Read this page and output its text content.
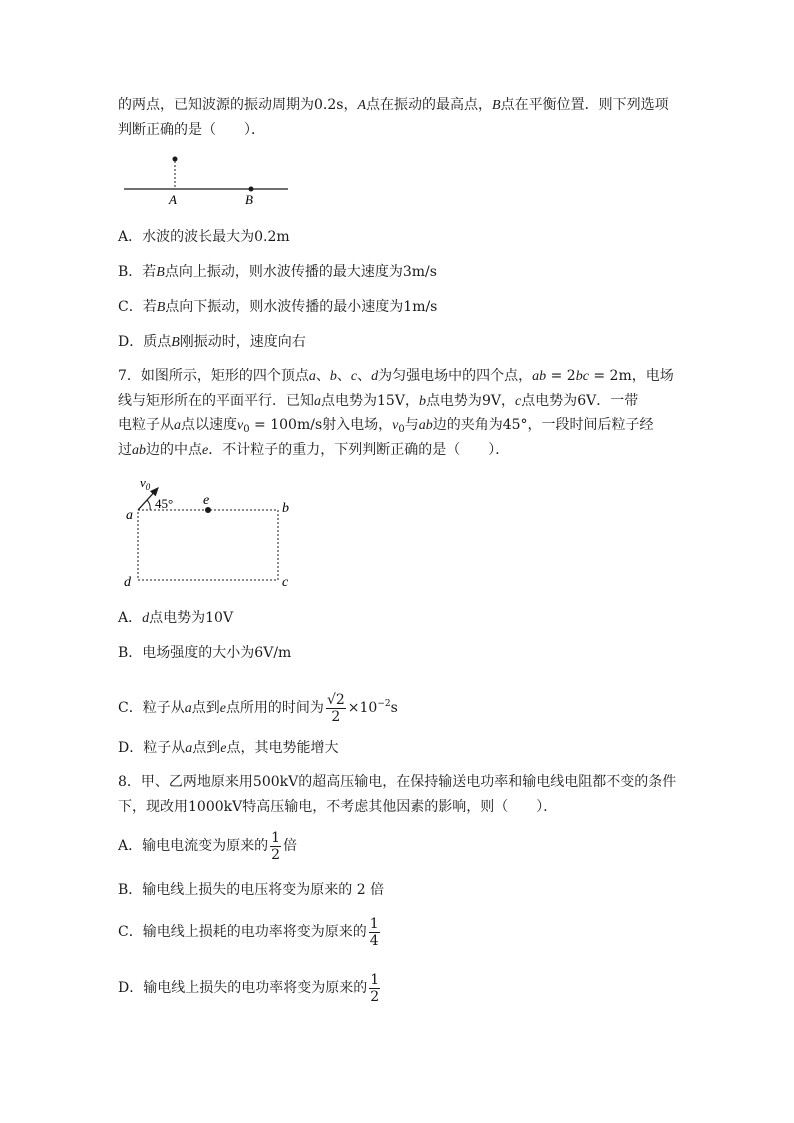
的两点，已知波源的振动周期为0.2s，A点在振动的最高点，B点在平衡位置．则下列选项
判断正确的是（　　）．
A	B
A．水波的波长最大为0.2m
B．若B点向上振动，则水波传播的最大速度为3m/s
C．若B点向下振动，则水波传播的最小速度为1m/s
D．质点B刚振动时，速度向右
7．如图所示，矩形的四个顶点a、b、c、d为匀强电场中的四个点，ab = 2bc = 2m，电场
线与矩形所在的平面平行．已知a点电势为15V，b点电势为9V，c点电势为6V．一带
电粒子从a点以速度$v_0 = 100m/s$射入电场，$v_0$与ab边的夹角为45°，一段时间后粒子经
过ab边的中点e．不计粒子的重力，下列判断正确的是（　　）．
$v_0$
45° e
a	b
c
d
A．d点电势为10V
B．电场强度的大小为6V/m
C．粒子从a点到e点所用的时间为 $\frac{√2}{2} \times 10^{-2}s$
D．粒子从a点到e点，其电势能增大
8．甲、乙两地原来用500kV的超高压输电，在保持输送电功率和输电线电阻都不变的条件
下，现改用1000kV特高压输电，不考虑其他因素的影响，则（　　）．
A．输电电流变为原来的 $\frac{1}{2}$ 倍
B．输电线上损失的电压将变为原来的 2 倍
C．输电线上损耗的电功率将变为原来的 $\frac{1}{4}$
D．输电线上损失的电功率将变为原来的 $\frac{1}{2}$
